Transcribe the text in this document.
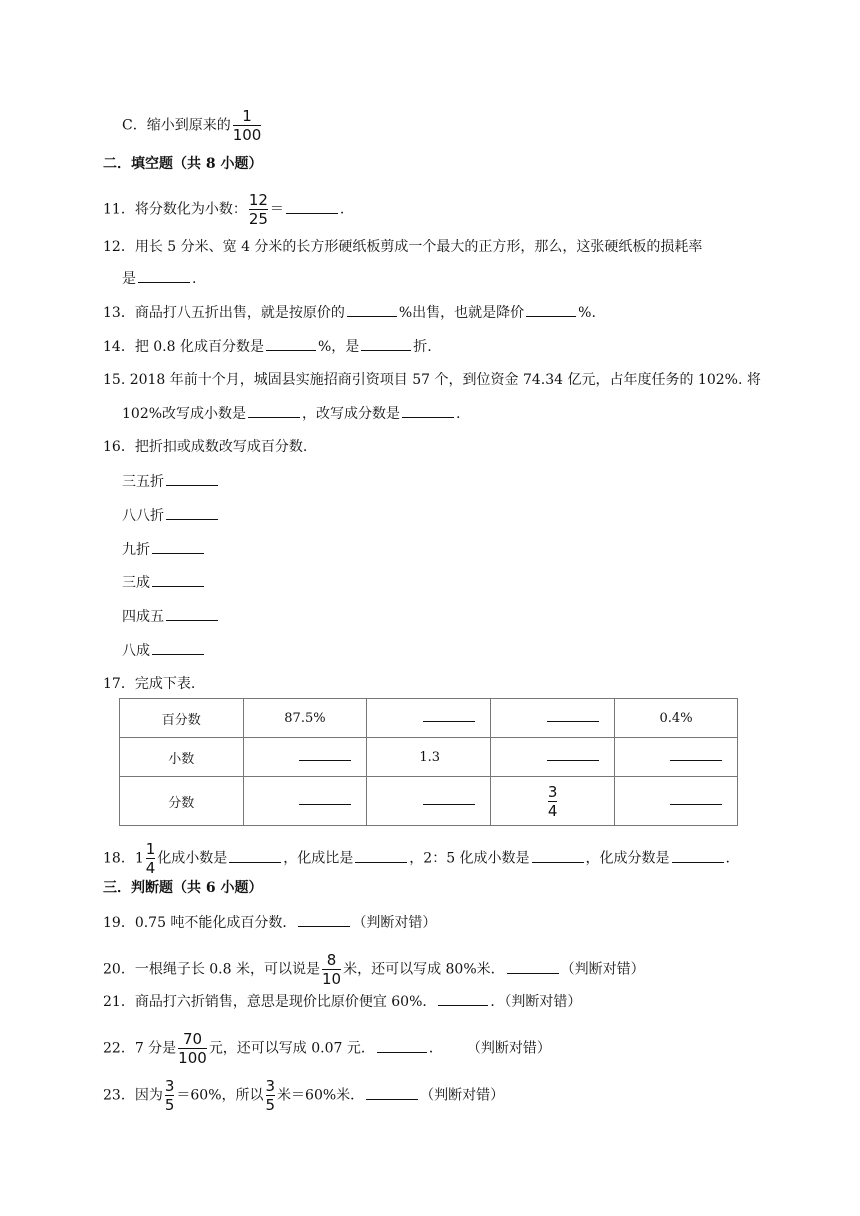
C．缩小到原来的 $\frac{1}{100}$
二．填空题（共 8 小题）
11．将分数化为小数： $\frac{12}{25}$ ＝	.
12．用长 5 分米、宽 4 分米的长方形硬纸板剪成一个最大的正方形，那么，这张硬纸板的损耗率
是	.
13．商品打八五折出售，就是按原价的	%出售，也就是降价	%.
14．把 0.8 化成百分数是	%，是	折.
15. 2018 年前十个月，城固县实施招商引资项目 57 个，到位资金 74.34 亿元，占年度任务的 102%. 将
102%改写成小数是	，改写成分数是	.
16．把折扣或成数改写成百分数.
三五折
八八折
九折
三成
四成五
八成
17．完成下表.
百分数	87.5%			0.4%
小数		1.3		
分数			$\frac{3}{4}$

18．$1 \frac{1}{4}$ 化成小数是	，化成比是	，2：5 化成小数是	，化成分数是	.
三．判断题（共 6 小题）
19．0.75 吨不能化成百分数．	（判断对错）
20．一根绳子长 0.8 米，可以说是 $\frac{8}{10}$ 米，还可以写成 80%米．	（判断对错）
21．商品打六折销售，意思是现价比原价便宜 60%．	．（判断对错）
22．7 分是 $\frac{70}{100}$ 元，还可以写成 0.07 元．	． （判断对错）
23．因为 $\frac{3}{5} =60\%$，所以 $\frac{3}{5}$ 米＝60%米．	（判断对错）
